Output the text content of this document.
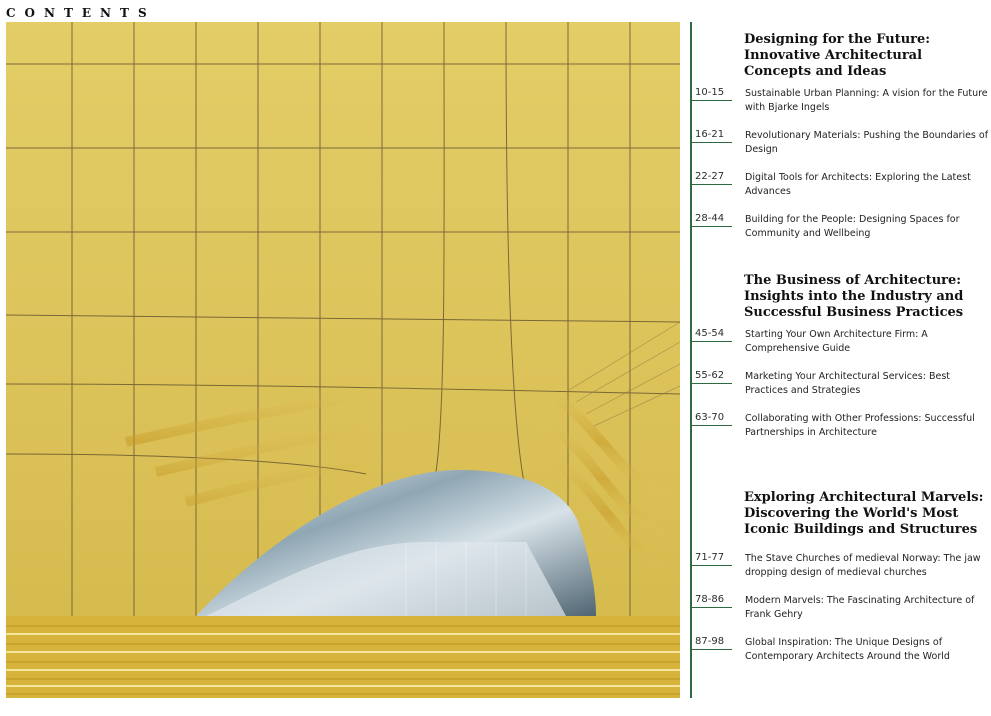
CONTENTS
Designing for the Future: Innovative Architectural Concepts and Ideas
10-15 Sustainable Urban Planning: A vision for the Future with Bjarke Ingels
16-21 Revolutionary Materials: Pushing the Boundaries of Design
22-27 Digital Tools for Architects: Exploring the Latest Advances
28-44 Building for the People: Designing Spaces for Community and Wellbeing
The Business of Architecture: Insights into the Industry and Successful Business Practices
45-54 Starting Your Own Architecture Firm: A Comprehensive Guide
55-62 Marketing Your Architectural Services: Best Practices and Strategies
63-70 Collaborating with Other Professions: Successful Partnerships in Architecture
Exploring Architectural Marvels: Discovering the World's Most Iconic Buildings and Structures
71-77 The Stave Churches of medieval Norway: The jaw dropping design of medieval churches
78-86 Modern Marvels: The Fascinating Architecture of Frank Gehry
87-98 Global Inspiration: The Unique Designs of Contemporary Architects Around the World
